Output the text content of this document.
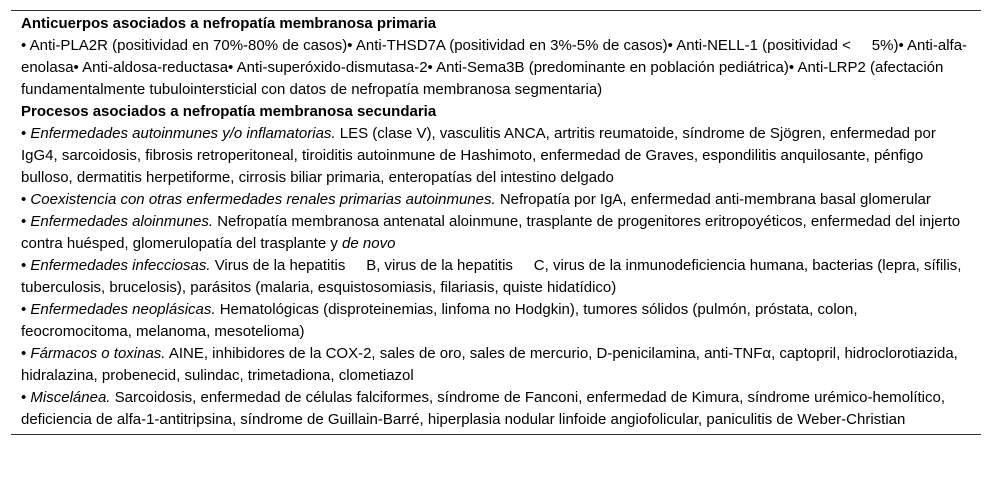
Anticuerpos asociados a nefropatía membranosa primaria
• Anti-PLA2R (positividad en 70%-80% de casos)• Anti-THSD7A (positividad en 3%-5% de casos)• Anti-NELL-1 (positividad < 5%)• Anti-alfa-enolasa• Anti-aldosa-reductasa• Anti-superóxido-dismutasa-2• Anti-Sema3B (predominante en población pediátrica)• Anti-LRP2 (afectación fundamentalmente tubulointersticial con datos de nefropatía membranosa segmentaria)
Procesos asociados a nefropatía membranosa secundaria
• Enfermedades autoinmunes y/o inflamatorias. LES (clase V), vasculitis ANCA, artritis reumatoide, síndrome de Sjögren, enfermedad por IgG4, sarcoidosis, fibrosis retroperitoneal, tiroiditis autoinmune de Hashimoto, enfermedad de Graves, espondilitis anquilosante, pénfigo bulloso, dermatitis herpetiforme, cirrosis biliar primaria, enteropatías del intestino delgado
• Coexistencia con otras enfermedades renales primarias autoinmunes. Nefropatía por IgA, enfermedad anti-membrana basal glomerular
• Enfermedades aloinmunes. Nefropatía membranosa antenatal aloinmune, trasplante de progenitores eritropoyéticos, enfermedad del injerto contra huésped, glomerulopatía del trasplante y de novo
• Enfermedades infecciosas. Virus de la hepatitis B, virus de la hepatitis C, virus de la inmunodeficiencia humana, bacterias (lepra, sífilis, tuberculosis, brucelosis), parásitos (malaria, esquistosomiasis, filariasis, quiste hidatídico)
• Enfermedades neoplásicas. Hematológicas (disproteinemias, linfoma no Hodgkin), tumores sólidos (pulmón, próstata, colon, feocromocitoma, melanoma, mesotelioma)
• Fármacos o toxinas. AINE, inhibidores de la COX-2, sales de oro, sales de mercurio, D-penicilamina, anti-TNFα, captopril, hidroclorotiazida, hidralazina, probenecid, sulindac, trimetadiona, clometiazol
• Miscelánea. Sarcoidosis, enfermedad de células falciformes, síndrome de Fanconi, enfermedad de Kimura, síndrome urémico-hemolítico, deficiencia de alfa-1-antitripsina, síndrome de Guillain-Barré, hiperplasia nodular linfoide angiofolicular, paniculitis de Weber-Christian
